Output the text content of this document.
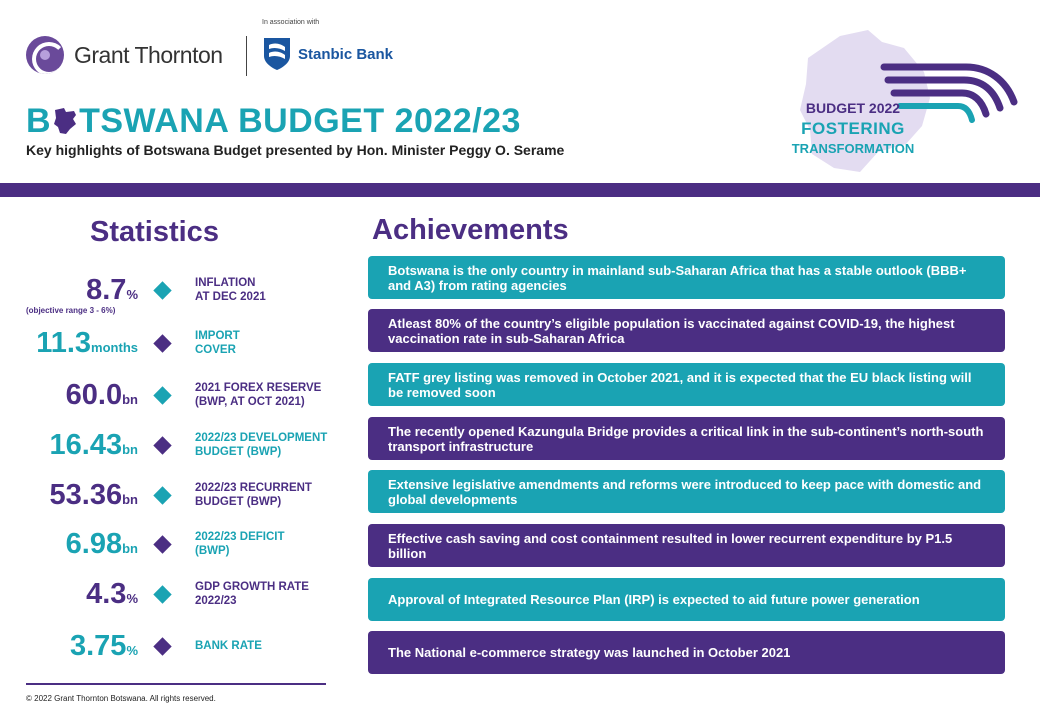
Grant Thornton
In association with
Stanbic Bank
B TSWANA BUDGET 2022/23
Key highlights of Botswana Budget presented by Hon. Minister Peggy O. Serame
BUDGET 2022
FOSTERING
TRANSFORMATION
Statistics
8.7%
(objective range 3 - 6%)
INFLATION
AT DEC 2021
11.3months
IMPORT
COVER
60.0bn
2021 FOREX RESERVE
(BWP, AT OCT 2021)
16.43bn
2022/23 DEVELOPMENT
BUDGET (BWP)
53.36bn
2022/23 RECURRENT
BUDGET (BWP)
6.98bn
2022/23 DEFICIT
(BWP)
4.3%
GDP GROWTH RATE
2022/23
3.75%	BANK RATE
© 2022 Grant Thornton Botswana. All rights reserved.
Achievements
Botswana is the only country in mainland sub-Saharan Africa that has a stable outlook (BBB+ and A3) from rating agencies
Atleast 80% of the country’s eligible population is vaccinated against COVID-19, the highest vaccination rate in sub-Saharan Africa
FATF grey listing was removed in October 2021, and it is expected that the EU black listing will be removed soon
The recently opened Kazungula Bridge provides a critical link in the sub-continent’s north-south transport infrastructure
Extensive legislative amendments and reforms were introduced to keep pace with domestic and global developments
Effective cash saving and cost containment resulted in lower recurrent expenditure by P1.5 billion
Approval of Integrated Resource Plan (IRP) is expected to aid future power generation
The National e-commerce strategy was launched in October 2021
